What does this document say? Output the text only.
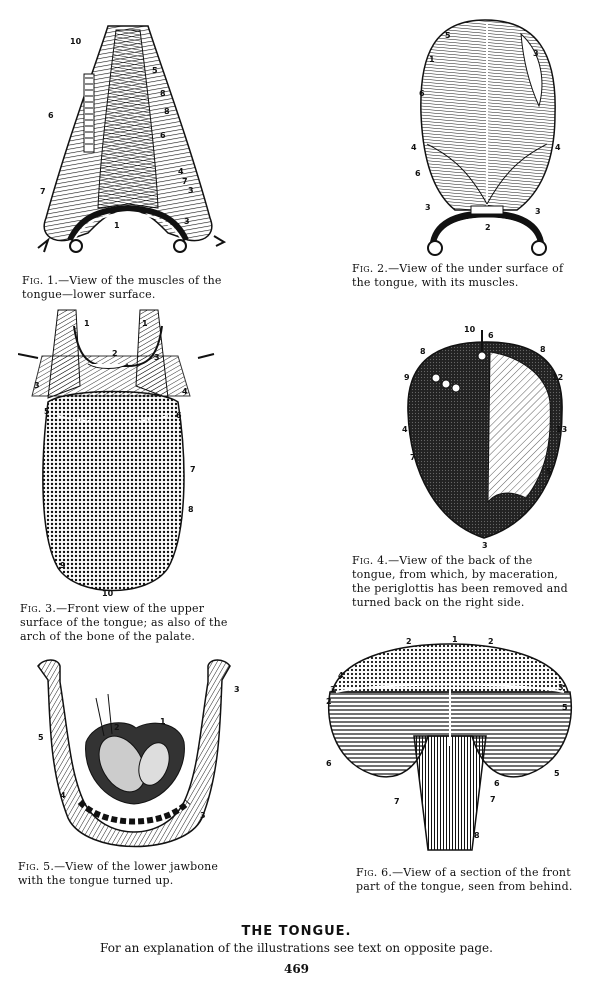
10
5
8
6	8
6
3
4
7
7
3
1
Fig. 1.—View of the muscles of the tongue—lower surface.
5
1
3
4	4
6
6
3	3
2
Fig. 2.—View of the under surface of the tongue, with its muscles.
1	1
2
3
3
4
5	6
7
8
9
10
Fig. 3.—Front view of the upper surface of the tongue; as also of the arch of the bone of the palate.
10
6
8	8
9	12
4	13
7
5
3
Fig. 4.—View of the back of the tongue, from which, by maceration, the periglottis has been removed and turned back on the right side.
3
5
2
1
4
3
Fig. 5.—View of the lower jawbone with the tongue turned up.
2	1	2
4
3	3
2
5
6
5
7
6
7
8
Fig. 6.—View of a section of the front part of the tongue, seen from behind.
THE TONGUE.
For an explanation of the illustrations see text on opposite page.
469
